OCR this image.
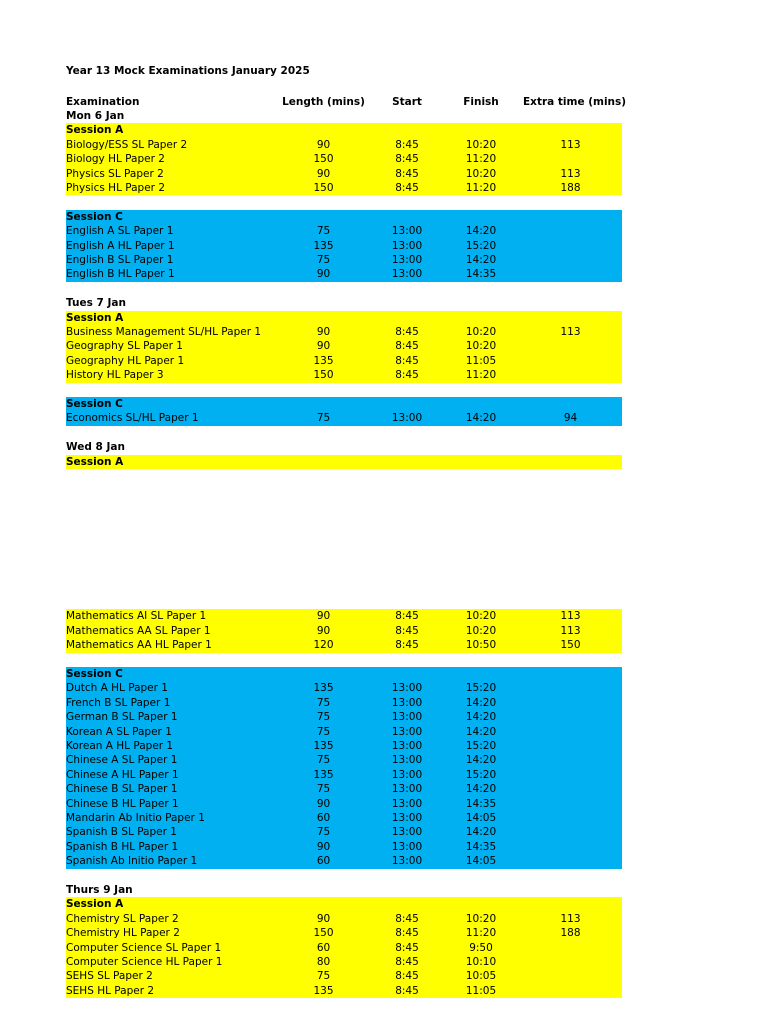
Year 13 Mock Examinations January 2025
Examination	Length (mins)	Start	Finish	Extra time (mins)
Mon 6 Jan
Session A
Biology/ESS SL Paper 2	90	8:45	10:20	113
Biology HL Paper 2	150	8:45	11:20
Physics SL Paper 2	90	8:45	10:20	113
Physics HL Paper 2	150	8:45	11:20	188
Session C
English A SL Paper 1	75	13:00	14:20
English A HL Paper 1	135	13:00	15:20
English B SL Paper 1	75	13:00	14:20
English B HL Paper 1	90	13:00	14:35
Tues 7 Jan
Session A
Business Management SL/HL Paper 1	90	8:45	10:20	113
Geography SL Paper 1	90	8:45	10:20
Geography HL Paper 1	135	8:45	11:05
History HL Paper 3	150	8:45	11:20
Session C
Economics SL/HL Paper 1	75	13:00	14:20	94
Wed 8 Jan
Session A
Mathematics AI SL Paper 1	90	8:45	10:20	113
Mathematics AA SL Paper 1	90	8:45	10:20	113
Mathematics AA HL Paper 1	120	8:45	10:50	150
Session C
Dutch A HL Paper 1	135	13:00	15:20
French B SL Paper 1	75	13:00	14:20
German B SL Paper 1	75	13:00	14:20
Korean A SL Paper 1	75	13:00	14:20
Korean A HL Paper 1	135	13:00	15:20
Chinese A SL Paper 1	75	13:00	14:20
Chinese A HL Paper 1	135	13:00	15:20
Chinese B SL Paper 1	75	13:00	14:20
Chinese B HL Paper 1	90	13:00	14:35
Mandarin Ab Initio Paper 1	60	13:00	14:05
Spanish B SL Paper 1	75	13:00	14:20
Spanish B HL Paper 1	90	13:00	14:35
Spanish Ab Initio Paper 1	60	13:00	14:05
Thurs 9 Jan
Session A
Chemistry SL Paper 2	90	8:45	10:20	113
Chemistry HL Paper 2	150	8:45	11:20	188
Computer Science SL Paper 1	60	8:45	9:50
Computer Science HL Paper 1	80	8:45	10:10
SEHS SL Paper 2	75	8:45	10:05
SEHS HL Paper 2	135	8:45	11:05
